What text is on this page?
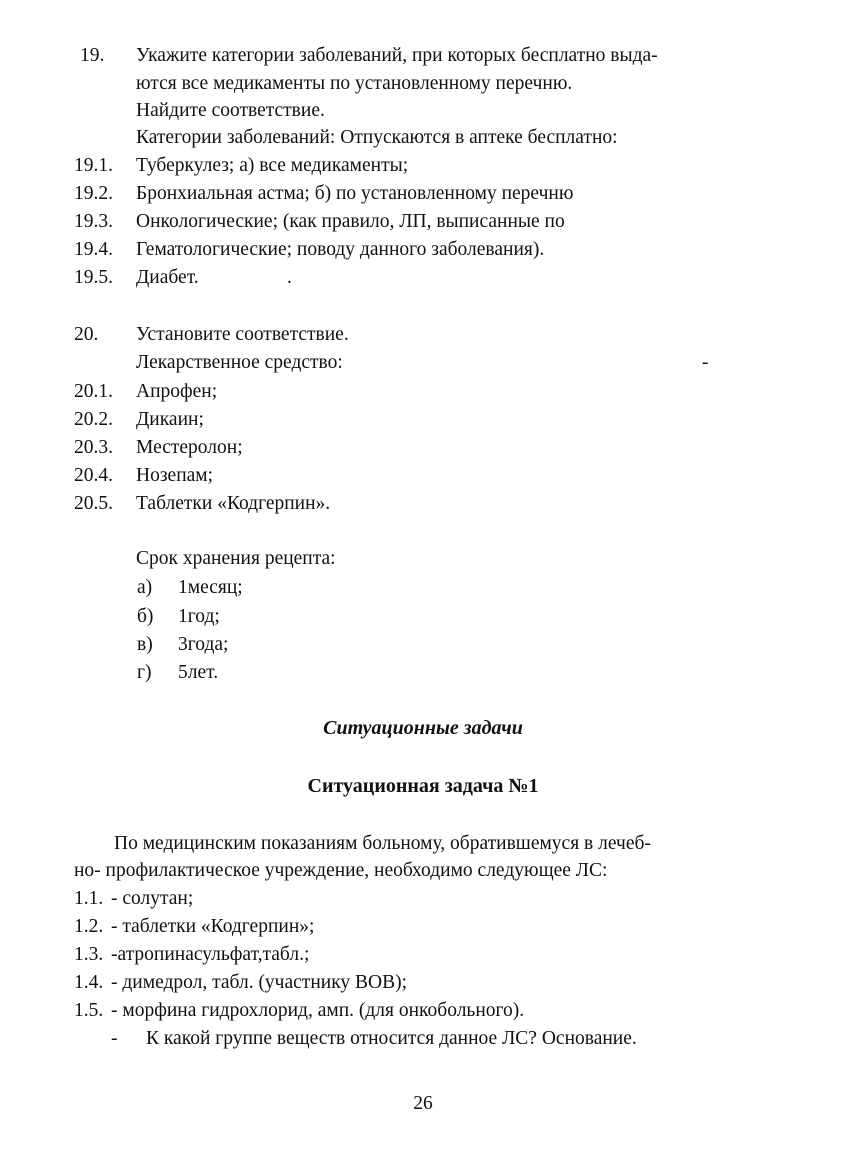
19. Укажите категории заболеваний, при которых бесплатно выда-
ются все медикаменты по установленному перечню.
Найдите соответствие.
Категории заболеваний: Отпускаются в аптеке бесплатно:
19.1. Туберкулез; а) все медикаменты;
19.2. Бронхиальная астма; б) по установленному перечню
19.3. Онкологические; (как правило, ЛП, выписанные по
19.4. Гематологические; поводу данного заболевания).
19.5. Диабет.	.
20. Установите соответствие.
Лекарственное средство:	-
20.1. Апрофен;
20.2. Дикаин;
20.3. Местеролон;
20.4. Нозепам;
20.5. Таблетки «Кодгерпин».
Срок хранения рецепта:
а) 1месяц;
б) 1год;
в) 3года;
г) 5лет.
Ситуационные задачи
Ситуационная задача №1
По медицинским показаниям больному, обратившемуся в лечеб-
но- профилактическое учреждение, необходимо следующее ЛС:
1.1. - солутан;
1.2. - таблетки «Кодгерпин»;
1.3. -атропинасульфат,табл.;
1.4. - димедрол, табл. (участнику ВОВ);
1.5. - морфина гидрохлорид, амп. (для онкобольного).
- К какой группе веществ относится данное ЛС? Основание.
26
